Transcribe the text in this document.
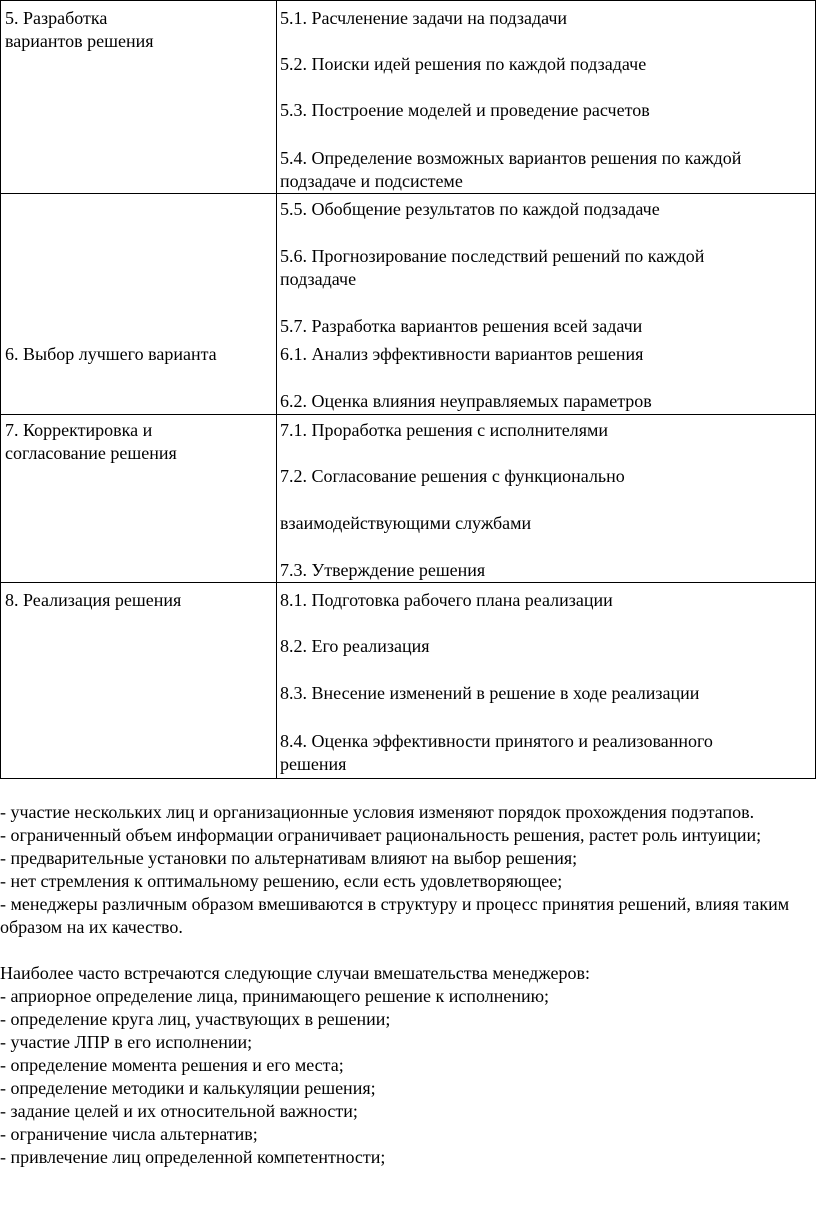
5. Разработка
вариантов решения
5.1. Расчленение задачи на подзадачи
5.2. Поиски идей решения по каждой подзадаче
5.3. Построение моделей и проведение расчетов
5.4. Определение возможных вариантов решения по каждой
подзадаче и подсистеме
5.5. Обобщение результатов по каждой подзадаче
5.6. Прогнозирование последствий решений по каждой
подзадаче
5.7. Разработка вариантов решения всей задачи
6. Выбор лучшего варианта	6.1. Анализ эффективности вариантов решения
6.2. Оценка влияния неуправляемых параметров
7. Корректировка и
согласование решения
7.1. Проработка решения с исполнителями
7.2. Согласование решения с функционально
взаимодействующими службами
7.3. Утверждение решения
8. Реализация решения	8.1. Подготовка рабочего плана реализации
8.2. Его реализация
8.3. Внесение изменений в решение в ходе реализации
8.4. Оценка эффективности принятого и реализованного
решения

- участие нескольких лиц и организационные условия изменяют порядок прохождения подэтапов.

- ограниченный объем информации ограничивает рациональность решения, растет роль интуиции;

- предварительные установки по альтернативам влияют на выбор решения;

- нет стремления к оптимальному решению, если есть удовлетворяющее;

- менеджеры различным образом вмешиваются в структуру и процесс принятия решений, влияя таким образом на их качество.

Наиболее часто встречаются следующие случаи вмешательства менеджеров:

- априорное определение лица, принимающего решение к исполнению;

- определение круга лиц, участвующих в решении;

- участие ЛПР в его исполнении;

- определение момента решения и его места;

- определение методики и калькуляции решения;

- задание целей и их относительной важности;

- ограничение числа альтернатив;

- привлечение лиц определенной компетентности;
